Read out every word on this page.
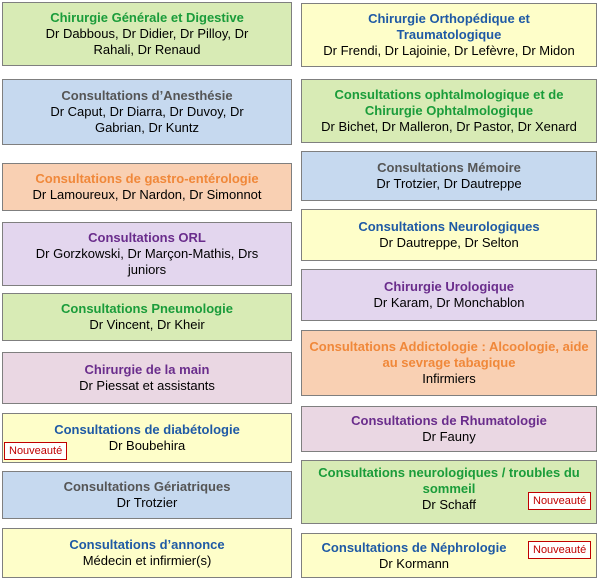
Chirurgie Générale et Digestive
Dr Dabbous, Dr Didier, Dr Pilloy, Dr Rahali, Dr Renaud
Consultations d’Anesthésie
Dr Caput, Dr Diarra, Dr Duvoy, Dr Gabrian, Dr Kuntz
Consultations de gastro-entérologie
Dr Lamoureux, Dr Nardon, Dr Simonnot
Consultations ORL
Dr Gorzkowski, Dr Marçon-Mathis, Drs juniors
Consultations Pneumologie
Dr Vincent, Dr Kheir
Chirurgie de la main
Dr Piessat et assistants
Consultations de diabétologie
Dr Boubehira
Nouveauté
Consultations Gériatriques
Dr Trotzier
Consultations d’annonce
Médecin et infirmier(s)
Chirurgie Orthopédique et Traumatologique
Dr Frendi, Dr Lajoinie, Dr Lefèvre, Dr Midon
Consultations ophtalmologique et de Chirurgie Ophtalmologique
Dr Bichet, Dr Malleron, Dr Pastor, Dr Xenard
Consultations Mémoire
Dr Trotzier, Dr Dautreppe
Consultations Neurologiques
Dr Dautreppe, Dr Selton
Chirurgie Urologique
Dr Karam, Dr Monchablon
Consultations Addictologie : Alcoologie, aide au sevrage tabagique
Infirmiers
Consultations de Rhumatologie
Dr Fauny
Consultations neurologiques / troubles du sommeil
Dr Schaff	Nouveauté
Consultations de Néphrologie
Dr Kormann
Nouveauté
